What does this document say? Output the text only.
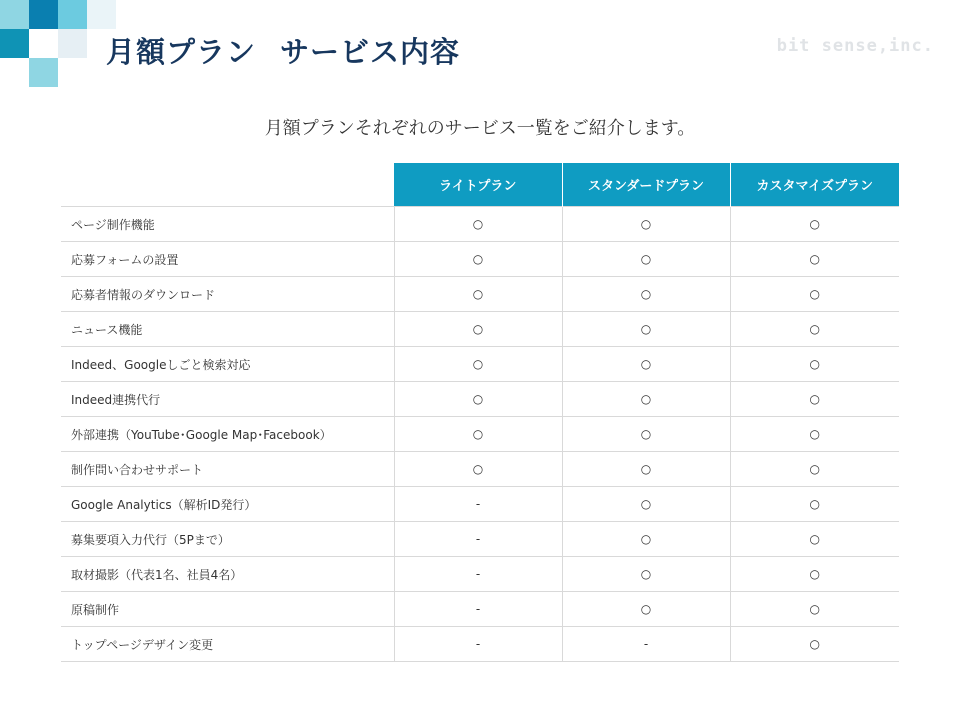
月額プラン サービス内容	bit sense,inc.
月額プランそれぞれのサービス一覧をご紹介します。
	ライトプラン	スタンダードプラン	カスタマイズプラン
ページ制作機能	○	○	○
応募フォームの設置	○	○	○
応募者情報のダウンロード	○	○	○
ニュース機能	○	○	○
Indeed、Googleしごと検索対応	○	○	○
Indeed連携代行	○	○	○
外部連携（YouTube･Google Map･Facebook）	○	○	○
制作問い合わせサポート	○	○	○
Google Analytics（解析ID発行）	-	○	○
募集要項入力代行（5Pまで）	-	○	○
取材撮影（代表1名、社員4名）	-	○	○
原稿制作	-	○	○
トップページデザイン変更	-	-	○
